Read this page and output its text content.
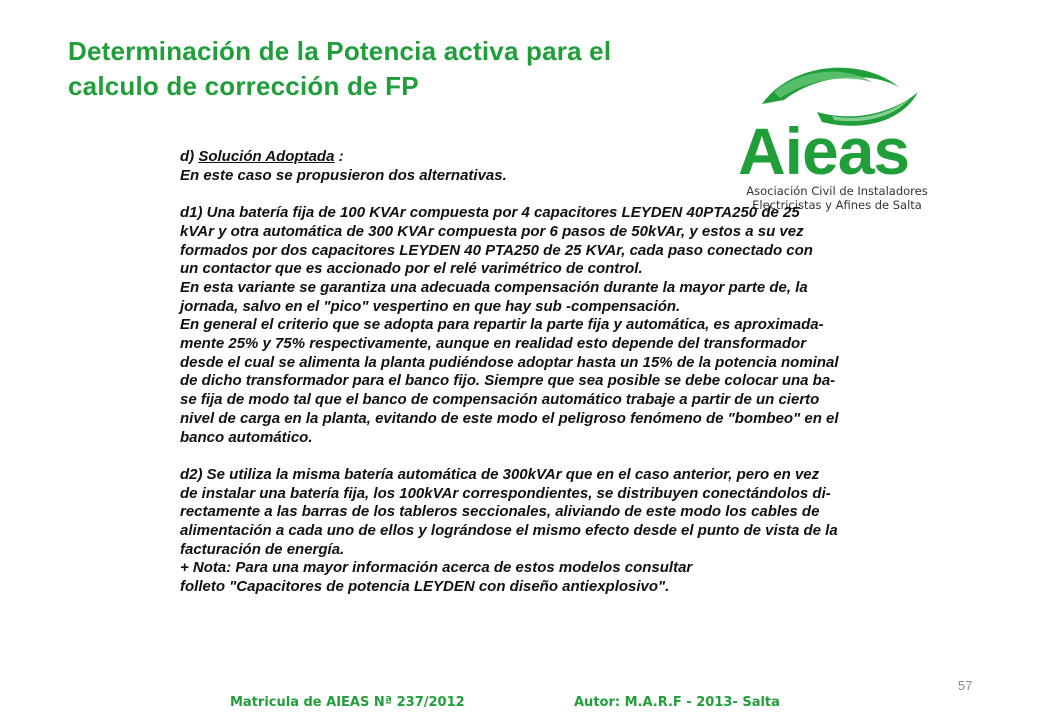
Determinación de la Potencia activa para el
calculo de corrección de FP
Aieas
Asociación Civil de Instaladores
Electricistas y Afines de Salta
d) Solución Adoptada :
En este caso se propusieron dos alternativas.
d1) Una batería fija de 100 KVAr compuesta por 4 capacitores LEYDEN 40PTA250 de 25
kVAr y otra automática de 300 KVAr compuesta por 6 pasos de 50kVAr, y estos a su vez
formados por dos capacitores LEYDEN 40 PTA250 de 25 KVAr, cada paso conectado con
un contactor que es accionado por el relé varimétrico de control.
En esta variante se garantiza una adecuada compensación durante la mayor parte de, la
jornada, salvo en el "pico" vespertino en que hay sub -compensación.
En general el criterio que se adopta para repartir la parte fija y automática, es aproximada-
mente 25% y 75% respectivamente, aunque en realidad esto depende del transformador
desde el cual se alimenta la planta pudiéndose adoptar hasta un 15% de la potencia nominal
de dicho transformador para el banco fijo. Siempre que sea posible se debe colocar una ba-
se fija de modo tal que el banco de compensación automático trabaje a partir de un cierto
nivel de carga en la planta, evitando de este modo el peligroso fenómeno de "bombeo" en el
banco automático.
d2) Se utiliza la misma batería automática de 300kVAr que en el caso anterior, pero en vez
de instalar una batería fija, los 100kVAr correspondientes, se distribuyen conectándolos di-
rectamente a las barras de los tableros seccionales, aliviando de este modo los cables de
alimentación a cada uno de ellos y lográndose el mismo efecto desde el punto de vista de la
facturación de energía.
+ Nota: Para una mayor información acerca de estos modelos consultar
folleto "Capacitores de potencia LEYDEN con diseño antiexplosivo".
57
Matricula de AIEAS Nª 237/2012	Autor: M.A.R.F - 2013- Salta
